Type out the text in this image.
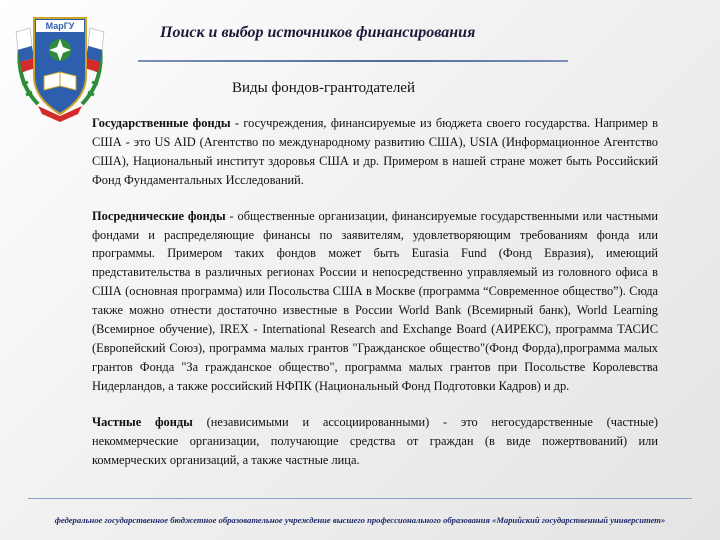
МарГУ	Поиск и выбор источников финансирования
Виды фондов-грантодателей

Государственные фонды - госучреждения, финансируемые из бюджета своего государства. Например в США - это US AID (Агентство по международному развитию США), USIA (Информационное Агентство США), Национальный институт здоровья США и др. Примером в нашей стране может быть Российский Фонд Фундаментальных Исследований.

Посреднические фонды - общественные организации, финансируемые государственными или частными фондами и распределяющие финансы по заявителям, удовлетворяющим требованиям фонда или программы. Примером таких фондов может быть Eurasia Fund (Фонд Евразия), имеющий представительства в различных регионах России и непосредственно управляемый из головного офиса в США (основная программа) или Посольства США в Москве (программа “Современное общество”). Сюда также можно отнести достаточно известные в России World Bank (Всемирный банк), World Learning (Всемирное обучение), IREX - International Research and Exchange Board (АИРЕКС), программа ТАСИС (Европейский Союз), программа малых грантов "Гражданское общество"(Фонд Форда),программа малых грантов Фонда "За гражданское общество", программа малых грантов при Посольстве Королевства Нидерландов, а также российский НФПК (Национальный Фонд Подготовки Кадров) и др.

Частные фонды (независимыми и ассоциированными) - это негосударственные (частные) некоммерческие организации, получающие средства от граждан (в виде пожертвований) или коммерческих организаций, а также частные лица.

федеральное государственное бюджетное образовательное учреждение высшего профессионального образования «Марийский государственный университет»
